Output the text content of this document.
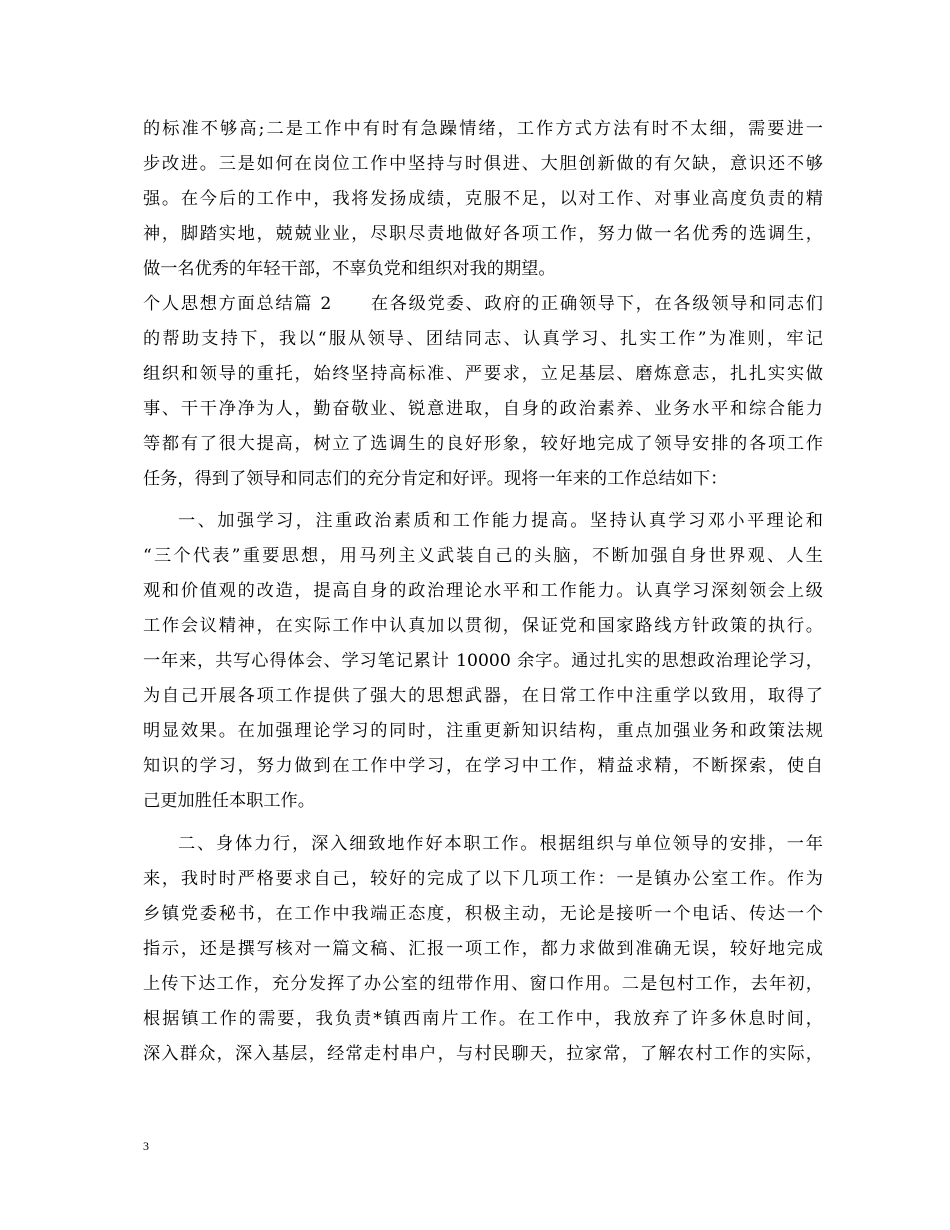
的标准不够高;二是工作中有时有急躁情绪，工作方式方法有时不太细，需要进一
步改进。三是如何在岗位工作中坚持与时俱进、大胆创新做的有欠缺，意识还不够
强。在今后的工作中，我将发扬成绩，克服不足，以对工作、对事业高度负责的精
神，脚踏实地，兢兢业业，尽职尽责地做好各项工作，努力做一名优秀的选调生，
做一名优秀的年轻干部，不辜负党和组织对我的期望。
个人思想方面总结篇 2　　在各级党委、政府的正确领导下，在各级领导和同志们
的帮助支持下，我以“服从领导、团结同志、认真学习、扎实工作”为准则，牢记
组织和领导的重托，始终坚持高标准、严要求，立足基层、磨炼意志，扎扎实实做
事、干干净净为人，勤奋敬业、锐意进取，自身的政治素养、业务水平和综合能力
等都有了很大提高，树立了选调生的良好形象，较好地完成了领导安排的各项工作
任务，得到了领导和同志们的充分肯定和好评。现将一年来的工作总结如下：
一、加强学习，注重政治素质和工作能力提高。坚持认真学习邓小平理论和
“三个代表”重要思想，用马列主义武装自己的头脑，不断加强自身世界观、人生
观和价值观的改造，提高自身的政治理论水平和工作能力。认真学习深刻领会上级
工作会议精神，在实际工作中认真加以贯彻，保证党和国家路线方针政策的执行。
一年来，共写心得体会、学习笔记累计 10000 余字。通过扎实的思想政治理论学习，
为自己开展各项工作提供了强大的思想武器，在日常工作中注重学以致用，取得了
明显效果。在加强理论学习的同时，注重更新知识结构，重点加强业务和政策法规
知识的学习，努力做到在工作中学习，在学习中工作，精益求精，不断探索，使自
己更加胜任本职工作。
二、身体力行，深入细致地作好本职工作。根据组织与单位领导的安排，一年
来，我时时严格要求自己，较好的完成了以下几项工作：一是镇办公室工作。作为
乡镇党委秘书，在工作中我端正态度，积极主动，无论是接听一个电话、传达一个
指示，还是撰写核对一篇文稿、汇报一项工作，都力求做到准确无误，较好地完成
上传下达工作，充分发挥了办公室的纽带作用、窗口作用。二是包村工作，去年初，
根据镇工作的需要，我负责*镇西南片工作。在工作中，我放弃了许多休息时间，
深入群众，深入基层，经常走村串户，与村民聊天，拉家常，了解农村工作的实际，
3
